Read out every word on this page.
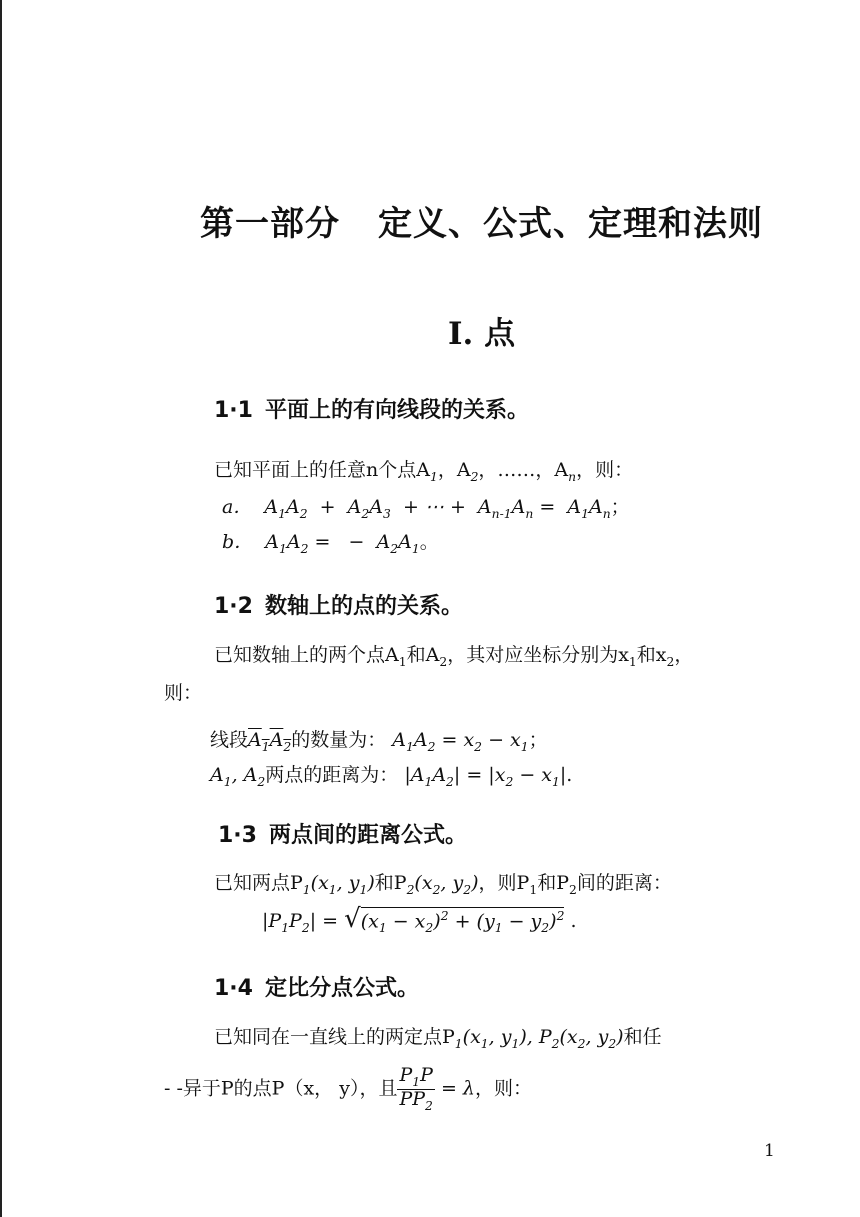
第一部分 定义、公式、定理和法则
I. 点
1·1 平面上的有向线段的关系。
已知平面上的任意n个点$A_1$，$A_2$，……，$A_n$，则：
a．  $A_1A_2 + A_2A_3$  + ⋯ +  $A_{n-1}A_n = A_1A_n$；
b．  $A_1A_2$ =   −  $A_2A_1$。
1·2 数轴上的点的关系。
已知数轴上的两个点$A_1$和$A_2$，其对应坐标分别为$x_1$和$x_2$，
则：
线段$A_1A_2$的数量为： $A_1A_2 = x_2 - x_1$；
$A_1$, $A_2$两点的距离为： $|A_1A_2| = |x_2 - x_1|$.
1·3 两点间的距离公式。
已知两点$P_1(x_1$, $y_1$)和$P_2(x_2$, $y_2$)，则$P_1$和$P_2$间的距离：
$|P_1P_2| = √(x_1 - x_2)^2 + (y_1 - y_2)^2$ .
1·4 定比分点公式。
已知同在一直线上的两定点$P_1(x_1$, $y_1$), $P_2(x_2$, $y_2$)和任
- -异于P的点P（x， y），且 $\frac{P_1P}{PP_2} = \lambda$，则：
1
